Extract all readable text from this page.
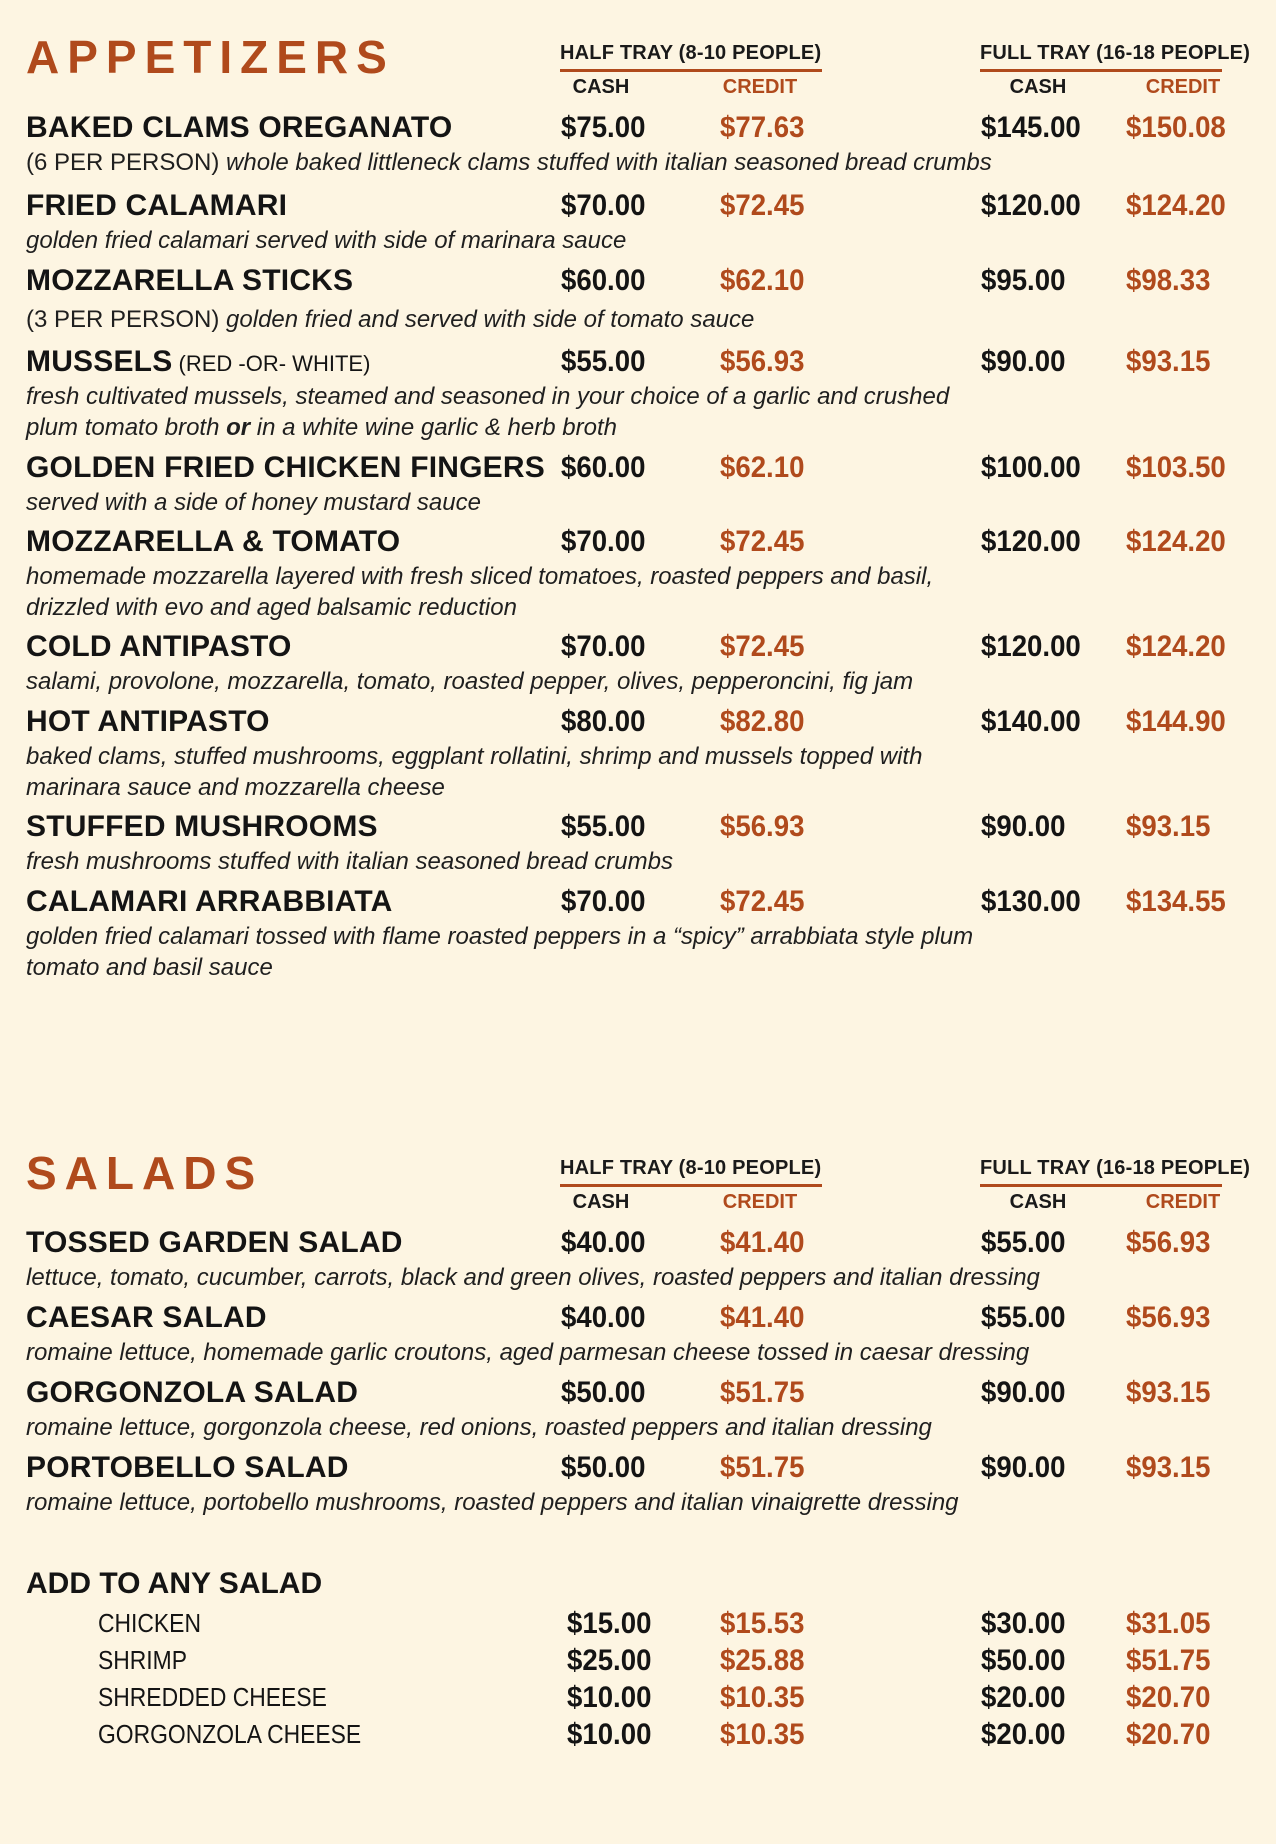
APPETIZERS	HALF TRAY (8-10 PEOPLE)
CASH	CREDIT
FULL TRAY (16-18 PEOPLE)
CASH	CREDIT
BAKED CLAMS OREGANATO	$75.00 $77.63	$145.00 $150.08
(6 PER PERSON) whole baked littleneck clams stuffed with italian seasoned bread crumbs
FRIED CALAMARI	$70.00 $72.45	$120.00 $124.20
golden fried calamari served with side of marinara sauce
MOZZARELLA STICKS	$60.00 $62.10	$95.00 $98.33
(3 PER PERSON) golden fried and served with side of tomato sauce
MUSSELS (RED -OR- WHITE)	$55.00 $56.93	$90.00 $93.15
fresh cultivated mussels, steamed and seasoned in your choice of a garlic and crushed
plum tomato broth or in a white wine garlic & herb broth
GOLDEN FRIED CHICKEN FINGERS $60.00 $62.10	$100.00 $103.50
served with a side of honey mustard sauce
MOZZARELLA & TOMATO	$70.00 $72.45	$120.00 $124.20
homemade mozzarella layered with fresh sliced tomatoes, roasted peppers and basil,
drizzled with evo and aged balsamic reduction
COLD ANTIPASTO	$70.00 $72.45	$120.00 $124.20
salami, provolone, mozzarella, tomato, roasted pepper, olives, pepperoncini, fig jam
HOT ANTIPASTO	$80.00 $82.80	$140.00 $144.90
baked clams, stuffed mushrooms, eggplant rollatini, shrimp and mussels topped with
marinara sauce and mozzarella cheese
STUFFED MUSHROOMS	$55.00 $56.93	$90.00 $93.15
fresh mushrooms stuffed with italian seasoned bread crumbs
CALAMARI ARRABBIATA	$70.00 $72.45	$130.00 $134.55
golden fried calamari tossed with flame roasted peppers in a “spicy” arrabbiata style plum
tomato and basil sauce
SALADS	HALF TRAY (8-10 PEOPLE)
CASH	CREDIT
FULL TRAY (16-18 PEOPLE)
CASH	CREDIT
TOSSED GARDEN SALAD	$40.00 $41.40	$55.00 $56.93
lettuce, tomato, cucumber, carrots, black and green olives, roasted peppers and italian dressing
CAESAR SALAD	$40.00 $41.40	$55.00 $56.93
romaine lettuce, homemade garlic croutons, aged parmesan cheese tossed in caesar dressing
GORGONZOLA SALAD	$50.00 $51.75	$90.00 $93.15
romaine lettuce, gorgonzola cheese, red onions, roasted peppers and italian dressing
PORTOBELLO SALAD	$50.00 $51.75	$90.00 $93.15
romaine lettuce, portobello mushrooms, roasted peppers and italian vinaigrette dressing
ADD TO ANY SALAD
CHICKEN	$15.00 $15.53	$30.00 $31.05
SHRIMP	$25.00 $25.88	$50.00 $51.75
SHREDDED CHEESE	$10.00 $10.35	$20.00 $20.70
GORGONZOLA CHEESE	$10.00 $10.35	$20.00 $20.70
